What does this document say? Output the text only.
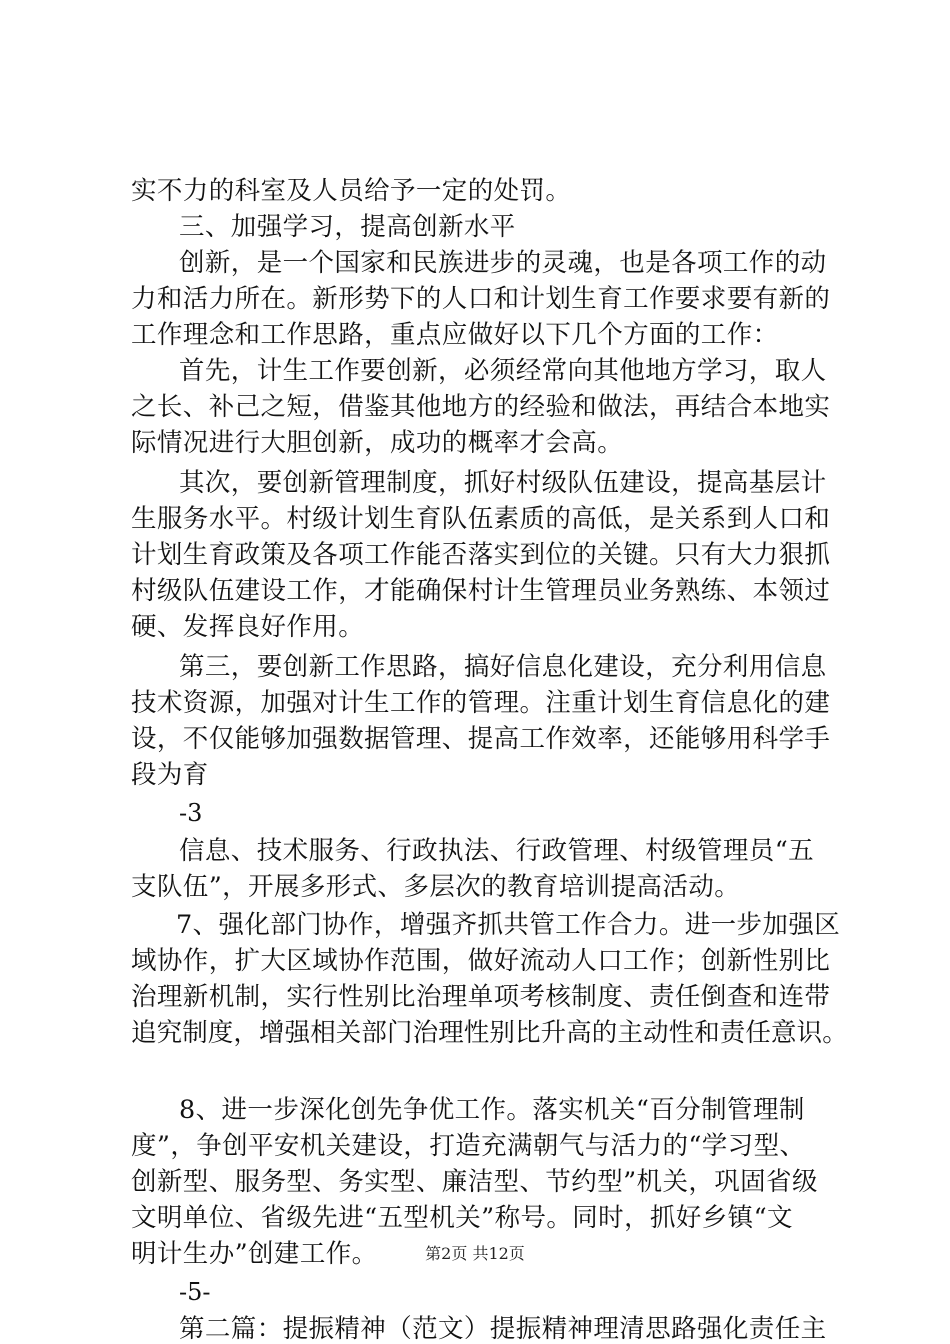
实不力的科室及人员给予一定的处罚。
三、加强学习，提高创新水平
创新，是一个国家和民族进步的灵魂，也是各项工作的动
力和活力所在。新形势下的人口和计划生育工作要求要有新的
工作理念和工作思路，重点应做好以下几个方面的工作：
首先，计生工作要创新，必须经常向其他地方学习，取人
之长、补己之短，借鉴其他地方的经验和做法，再结合本地实
际情况进行大胆创新，成功的概率才会高。
其次，要创新管理制度，抓好村级队伍建设，提高基层计
生服务水平。村级计划生育队伍素质的高低，是关系到人口和
计划生育政策及各项工作能否落实到位的关键。只有大力狠抓
村级队伍建设工作，才能确保村计生管理员业务熟练、本领过
硬、发挥良好作用。
第三，要创新工作思路，搞好信息化建设，充分利用信息
技术资源，加强对计生工作的管理。注重计划生育信息化的建
设，不仅能够加强数据管理、提高工作效率，还能够用科学手
段为育
-3
信息、技术服务、行政执法、行政管理、村级管理员“五
支队伍”，开展多形式、多层次的教育培训提高活动。
7、强化部门协作，增强齐抓共管工作合力。进一步加强区
域协作，扩大区域协作范围，做好流动人口工作；创新性别比
治理新机制，实行性别比治理单项考核制度、责任倒查和连带
追究制度，增强相关部门治理性别比升高的主动性和责任意识。
8、进一步深化创先争优工作。落实机关“百分制管理制
度”，争创平安机关建设，打造充满朝气与活力的“学习型、
创新型、服务型、务实型、廉洁型、节约型”机关，巩固省级
文明单位、省级先进“五型机关”称号。同时，抓好乡镇“文
明计生办”创建工作。
-5-
第二篇：提振精神（范文）提振精神理清思路强化责任主
第2页 共12页
